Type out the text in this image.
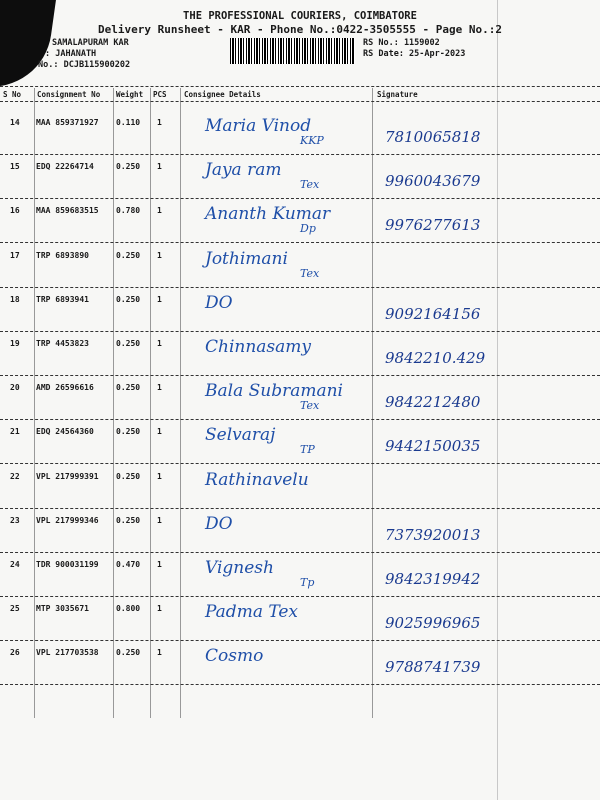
THE PROFESSIONAL COURIERS, COIMBATORE
Delivery Runsheet - KAR - Phone No.:0422-3505555 - Page No.:2
SAMALAPURAM KAR
: JAHANATH
No.: DCJB115900202
RS No.: 1159002
RS Date: 25-Apr-2023
S No Consignment No Weight PCS Consignee Details	Signature
14 MAA 859371927 0.110 1	Maria Vinod
KKP	7810065818
15 EDQ 22264714	0.250 1	Jaya ram
Tex	9960043679
16 MAA 859683515 0.780 1	Ananth Kumar
Dp	9976277613
17 TRP 6893890	0.250 1	Jothimani
Tex
18 TRP 6893941	0.250 1	DO
9092164156
19 TRP 4453823	0.250 1	Chinnasamy
9842210.429
20 AMD 26596616	0.250 1	Bala Subramani
Tex	9842212480
21 EDQ 24564360	0.250 1	Selvaraj
TP	9442150035
22 VPL 217999391 0.250 1	Rathinavelu
23 VPL 217999346 0.250 1	DO
7373920013
24 TDR 900031199 0.470 1	Vignesh
Tp	9842319942
25 MTP 3035671	0.800 1	Padma Tex
9025996965
26 VPL 217703538 0.250 1	Cosmo
9788741739
